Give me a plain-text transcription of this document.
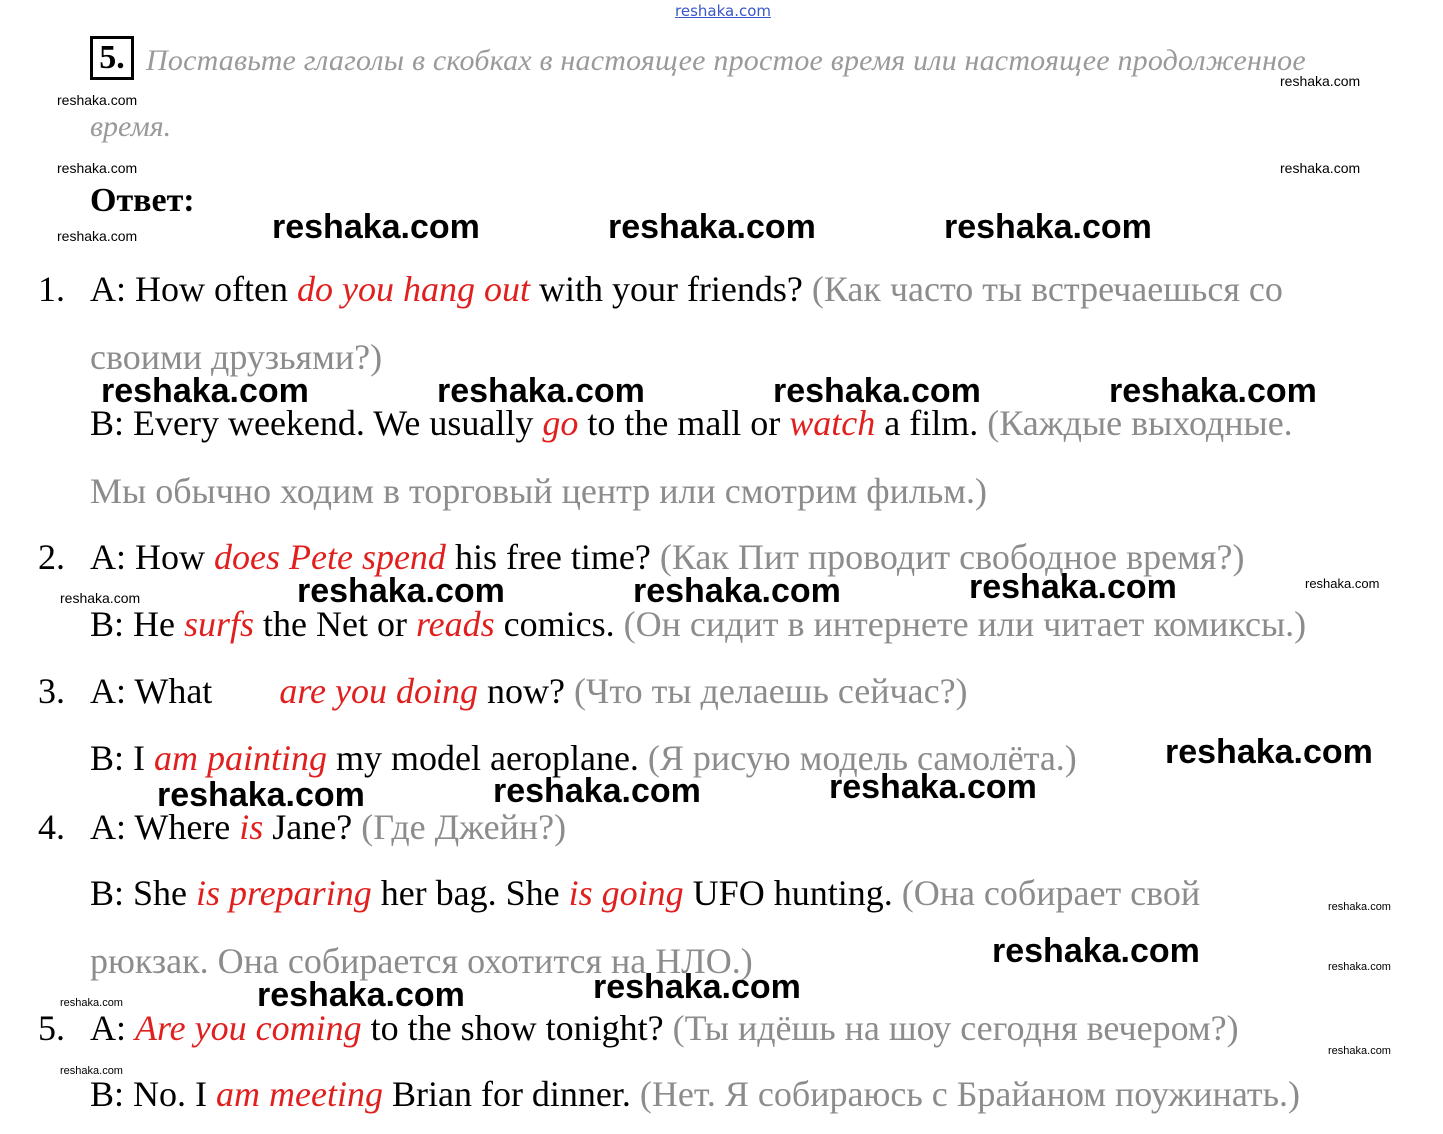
reshaka.com
5. Поставьте глаголы в скобках в настоящее простое время или настоящее продолженное
время.
Ответ:
1. A: How often do you hang out with your friends? (Как часто ты встречаешься со
своими друзьями?)
B: Every weekend. We usually go to the mall or watch a film. (Каждые выходные.
Мы обычно ходим в торговый центр или смотрим фильм.)
2. A: How does Pete spend his free time? (Как Пит проводит свободное время?)
B: He surfs the Net or reads comics. (Он сидит в интернете или читает комиксы.)
3. A: What are you doing now? (Что ты делаешь сейчас?)
B: I am painting my model aeroplane. (Я рисую модель самолёта.)
4. A: Where is Jane? (Где Джейн?)
B: She is preparing her bag. She is going UFO hunting. (Она собирает свой
рюкзак. Она собирается охотится на НЛО.)
5. A: Are you coming to the show tonight? (Ты идёшь на шоу сегодня вечером?)
B: No. I am meeting Brian for dinner. (Нет. Я собираюсь с Брайаном поужинать.)
reshaka.com
reshaka.com
reshaka.com	reshaka.com
reshaka.com
reshaka.com
reshaka.com
reshaka.com
reshaka.com
reshaka.com
reshaka.com
reshaka.com
reshaka.com	reshaka.com	reshaka.com
reshaka.com	reshaka.com	reshaka.com	reshaka.com
reshaka.com	reshaka.com	reshaka.com
reshaka.com
reshaka.com	reshaka.com	reshaka.com
reshaka.com
reshaka.com	reshaka.com
